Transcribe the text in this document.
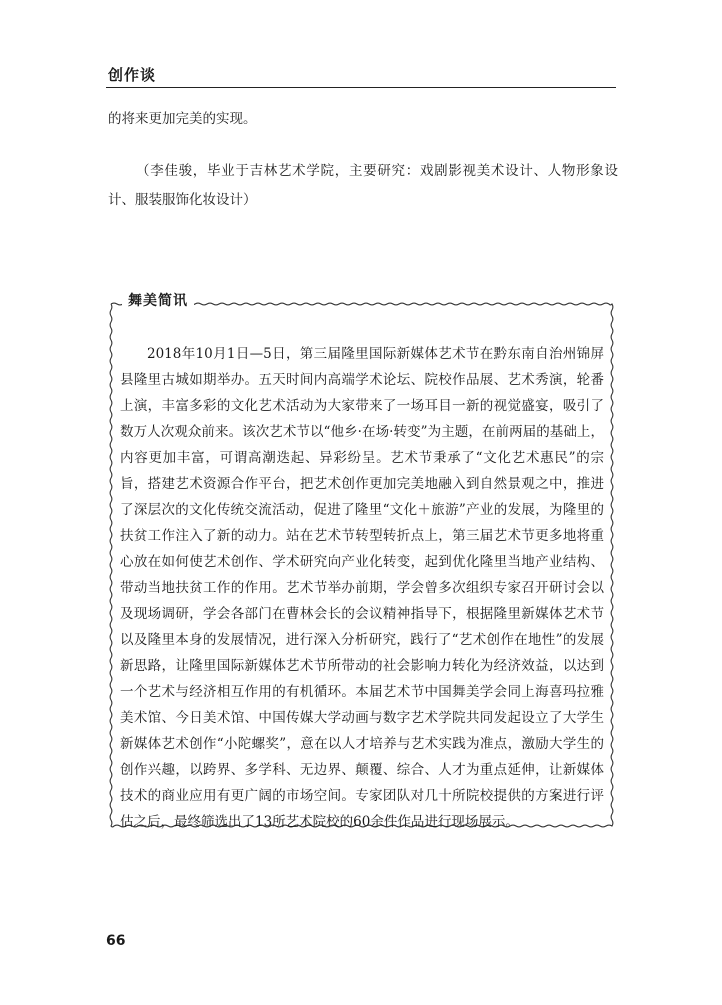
创作谈
的将来更加完美的实现。
（李佳骏，毕业于吉林艺术学院，主要研究：戏剧影视美术设计、人物形象设计、服装服饰化妆设计）
舞美简讯

2018年10月1日—5日，第三届隆里国际新媒体艺术节在黔东南自治州锦屏县隆里古城如期举办。五天时间内高端学术论坛、院校作品展、艺术秀演，轮番上演，丰富多彩的文化艺术活动为大家带来了一场耳目一新的视觉盛宴，吸引了数万人次观众前来。该次艺术节以“他乡·在场·转变”为主题，在前两届的基础上，内容更加丰富，可谓高潮迭起、异彩纷呈。艺术节秉承了“文化艺术惠民”的宗旨，搭建艺术资源合作平台，把艺术创作更加完美地融入到自然景观之中，推进了深层次的文化传统交流活动，促进了隆里“文化＋旅游”产业的发展，为隆里的扶贫工作注入了新的动力。站在艺术节转型转折点上，第三届艺术节更多地将重心放在如何使艺术创作、学术研究向产业化转变，起到优化隆里当地产业结构、带动当地扶贫工作的作用。艺术节举办前期，学会曾多次组织专家召开研讨会以及现场调研，学会各部门在曹林会长的会议精神指导下，根据隆里新媒体艺术节以及隆里本身的发展情况，进行深入分析研究，践行了“艺术创作在地性”的发展新思路，让隆里国际新媒体艺术节所带动的社会影响力转化为经济效益，以达到一个艺术与经济相互作用的有机循环。本届艺术节中国舞美学会同上海喜玛拉雅美术馆、今日美术馆、中国传媒大学动画与数字艺术学院共同发起设立了大学生新媒体艺术创作“小陀螺奖”，意在以人才培养与艺术实践为准点，激励大学生的创作兴趣，以跨界、多学科、无边界、颠覆、综合、人才为重点延伸，让新媒体技术的商业应用有更广阔的市场空间。专家团队对几十所院校提供的方案进行评估之后，最终筛选出了13所艺术院校的60余件作品进行现场展示。

66
